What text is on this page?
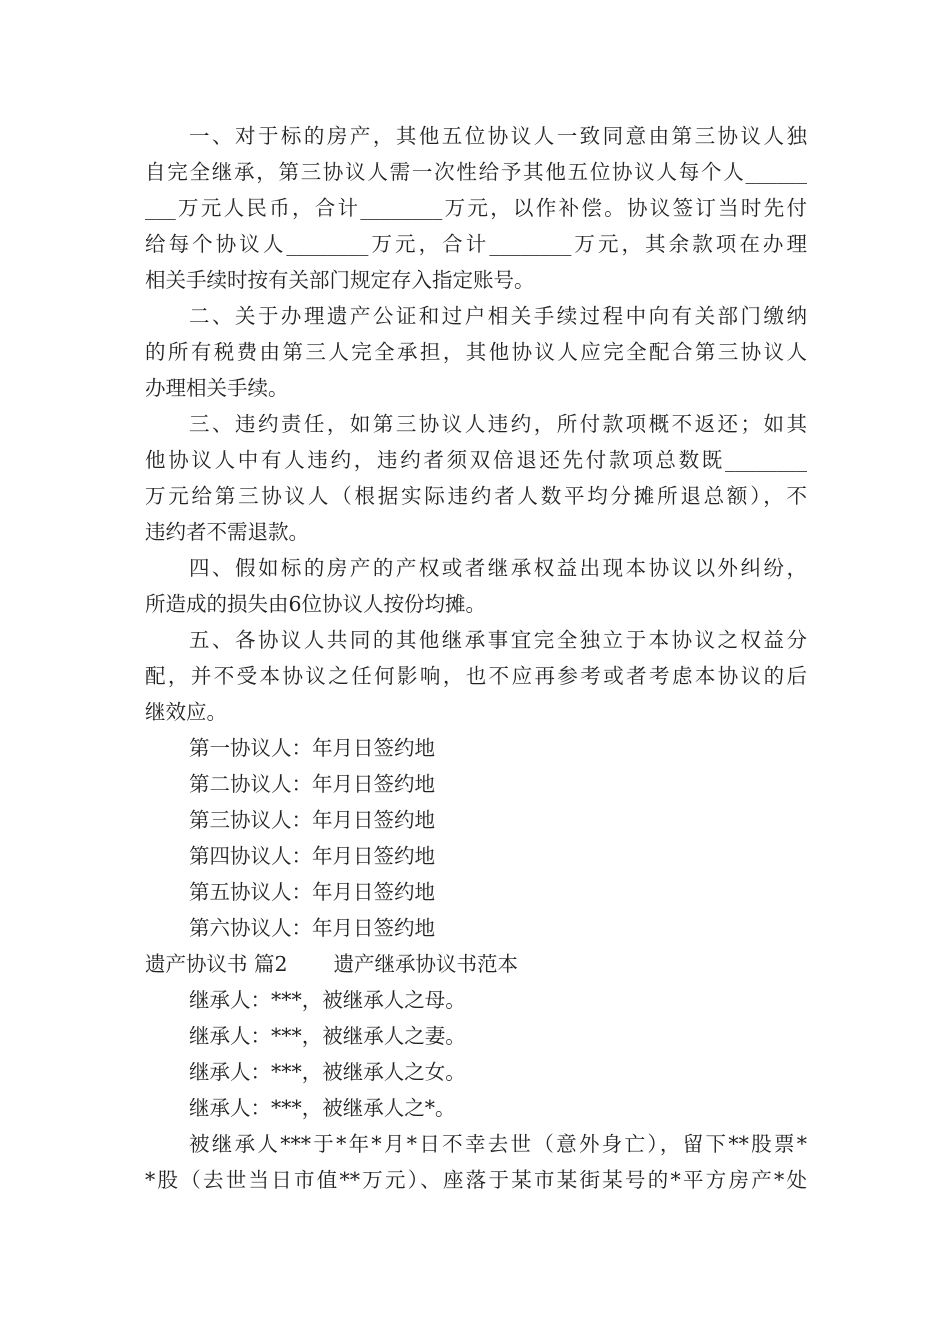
一、对于标的房产，其他五位协议人一致同意由第三协议人独
自完全继承，第三协议人需一次性给予其他五位协议人每个人______
___万元人民币，合计________万元，以作补偿。协议签订当时先付
给每个协议人________万元，合计________万元，其余款项在办理
相关手续时按有关部门规定存入指定账号。
二、关于办理遗产公证和过户相关手续过程中向有关部门缴纳
的所有税费由第三人完全承担，其他协议人应完全配合第三协议人
办理相关手续。
三、违约责任，如第三协议人违约，所付款项概不返还；如其
他协议人中有人违约，违约者须双倍退还先付款项总数既________
万元给第三协议人（根据实际违约者人数平均分摊所退总额），不
违约者不需退款。
四、假如标的房产的产权或者继承权益出现本协议以外纠纷，
所造成的损失由6位协议人按份均摊。
五、各协议人共同的其他继承事宜完全独立于本协议之权益分
配，并不受本协议之任何影响，也不应再参考或者考虑本协议的后
继效应。
第一协议人：年月日签约地
第二协议人：年月日签约地
第三协议人：年月日签约地
第四协议人：年月日签约地
第五协议人：年月日签约地
第六协议人：年月日签约地
遗产协议书 篇2 遗产继承协议书范本
继承人：***，被继承人之母。
继承人：***，被继承人之妻。
继承人：***，被继承人之女。
继承人：***，被继承人之*。
被继承人***于*年*月*日不幸去世（意外身亡），留下**股票*
*股（去世当日市值**万元）、座落于某市某街某号的*平方房产*处
